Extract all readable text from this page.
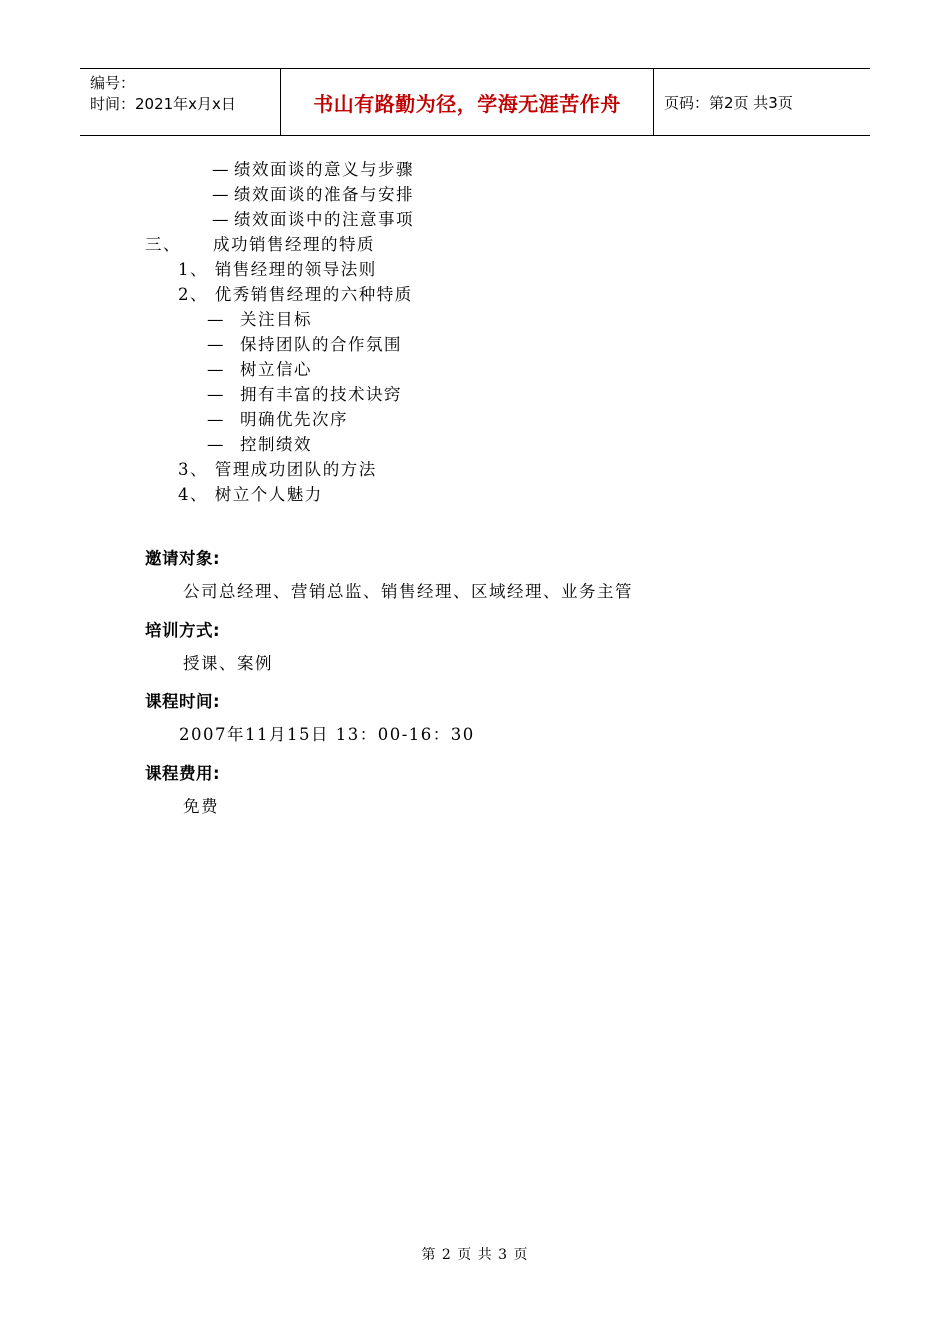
编号：
时间：2021年x月x日	书山有路勤为径，学海无涯苦作舟	页码：第2页 共3页
— 绩效面谈的意义与步骤
— 绩效面谈的准备与安排
— 绩效面谈中的注意事项
三、 成功销售经理的特质
1、 销售经理的领导法则
2、 优秀销售经理的六种特质
— 关注目标
— 保持团队的合作氛围
— 树立信心
— 拥有丰富的技术诀窍
— 明确优先次序
— 控制绩效
3、 管理成功团队的方法
4、 树立个人魅力
邀请对象:
公司总经理、营销总监、销售经理、区域经理、业务主管
培训方式:
授课、案例
课程时间:
2007年11月15日 13：00-16：30
课程费用:
免费
第 2 页 共 3 页
